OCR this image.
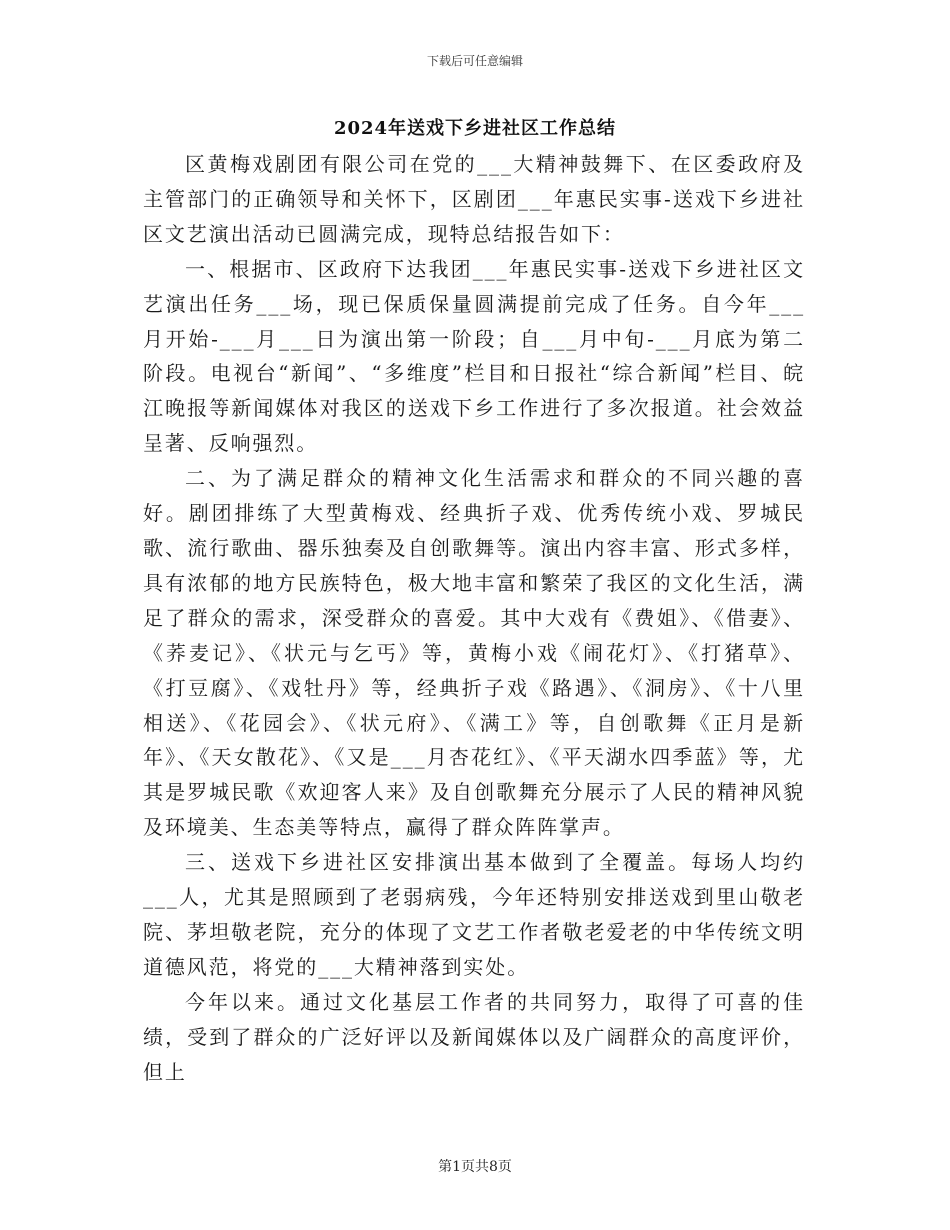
下载后可任意编辑
2024年送戏下乡进社区工作总结

区黄梅戏剧团有限公司在党的___大精神鼓舞下、在区委政府及主管部门的正确领导和关怀下，区剧团___年惠民实事-送戏下乡进社区文艺演出活动已圆满完成，现特总结报告如下：

一、根据市、区政府下达我团___年惠民实事-送戏下乡进社区文艺演出任务___场，现已保质保量圆满提前完成了任务。自今年___月开始-___月___日为演出第一阶段；自___月中旬-___月底为第二阶段。电视台“新闻”、“多维度”栏目和日报社“综合新闻”栏目、皖江晚报等新闻媒体对我区的送戏下乡工作进行了多次报道。社会效益呈著、反响强烈。

二、为了满足群众的精神文化生活需求和群众的不同兴趣的喜好。剧团排练了大型黄梅戏、经典折子戏、优秀传统小戏、罗城民歌、流行歌曲、器乐独奏及自创歌舞等。演出内容丰富、形式多样，具有浓郁的地方民族特色，极大地丰富和繁荣了我区的文化生活，满足了群众的需求，深受群众的喜爱。其中大戏有《费姐》、《借妻》、《荞麦记》、《状元与乞丐》等，黄梅小戏《闹花灯》、《打猪草》、《打豆腐》、《戏牡丹》等，经典折子戏《路遇》、《洞房》、《十八里相送》、《花园会》、《状元府》、《满工》等，自创歌舞《正月是新年》、《天女散花》、《又是___月杏花红》、《平天湖水四季蓝》等，尤其是罗城民歌《欢迎客人来》及自创歌舞充分展示了人民的精神风貌及环境美、生态美等特点，赢得了群众阵阵掌声。

三、送戏下乡进社区安排演出基本做到了全覆盖。每场人均约___人，尤其是照顾到了老弱病残，今年还特别安排送戏到里山敬老院、茅坦敬老院，充分的体现了文艺工作者敬老爱老的中华传统文明道德风范，将党的___大精神落到实处。

今年以来。通过文化基层工作者的共同努力，取得了可喜的佳绩，受到了群众的广泛好评以及新闻媒体以及广阔群众的高度评价，但上

第1页共8页
